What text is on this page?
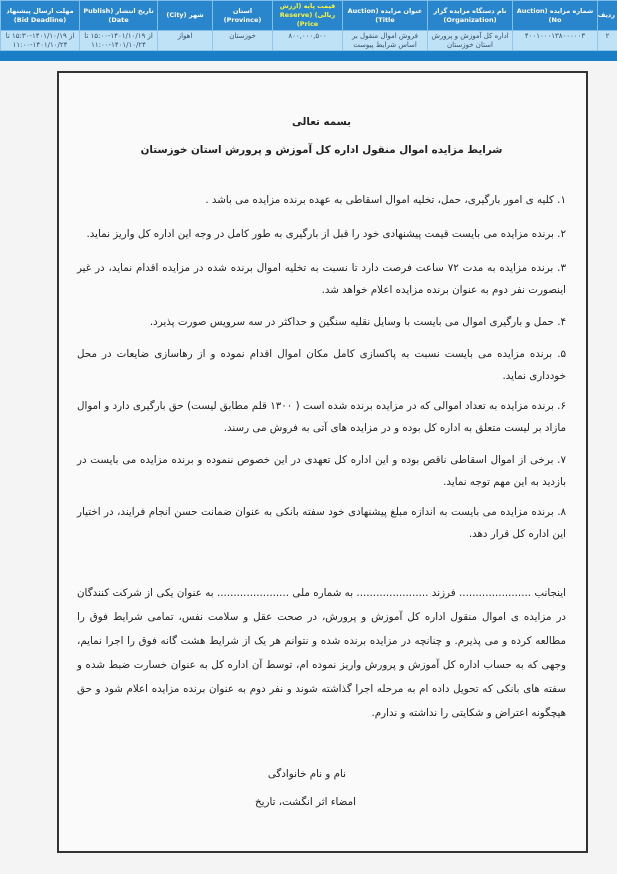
ردیف	شماره مزایده (Auction No)	نام دستگاه مزایده گزار (Organization)	عنوان مزایده (Auction Title)	قیمت پایه (ارزش ریالی) (Reserve Price)	استان (Province)	شهر (City)	تاریخ انتشار (Publish Date)	مهلت ارسال پیشنهاد (Bid Deadline)
۲	۴۰۰۱۰۰۰۱۳۸۰۰۰۰۰۳	اداره کل آموزش و پرورش استان خوزستان	فروش اموال منقول بر اساس شرایط پیوست	۸۰۰,۰۰۰,۵۰۰	خوزستان	اهواز	از ۱۴۰۱/۱۰/۱۹-۱۵:۰۰ تا ۱۴۰۱/۱۰/۲۴-۱۱:۰۰	از ۱۴۰۱/۱۰/۱۹-۱۵:۳۰ تا ۱۴۰۱/۱۰/۲۴-۱۱:۰۰

بسمه تعالی

شرایط مزایده اموال منقول اداره کل آموزش و پرورش استان خوزستان

۱. کلیه ی امور بارگیری، حمل، تخلیه اموال اسقاطی به عهده برنده مزایده می باشد .

۲. برنده مزایده می بایست قیمت پیشنهادی خود را قبل از بارگیری به طور کامل در وجه این اداره کل واریز نماید.

۳. برنده مزایده به مدت ۷۲ ساعت فرصت دارد تا نسبت به تخلیه اموال برنده شده در مزایده اقدام نماید، در غیر اینصورت نفر دوم به عنوان برنده مزایده اعلام خواهد شد.

۴. حمل و بارگیری اموال می بایست با وسایل نقلیه سنگین و حداکثر در سه سرویس صورت پذیرد.

۵. برنده مزایده می بایست نسبت به پاکسازی کامل مکان اموال اقدام نموده و از رهاسازی ضایعات در محل خودداری نماید.

۶. برنده مزایده به تعداد اموالی که در مزایده برنده شده است ( ۱۳۰۰ قلم مطابق لیست) حق بارگیری دارد و اموال مازاد بر لیست متعلق به اداره کل بوده و در مزایده های آتی به فروش می رسند.

۷. برخی از اموال اسقاطی ناقص بوده و این اداره کل تعهدی در این خصوص ننموده و برنده مزایده می بایست در بازدید به این مهم توجه نماید.

۸. برنده مزایده می بایست به اندازه مبلغ پیشنهادی خود سفته بانکی به عنوان ضمانت حسن انجام فرایند، در اختیار این اداره کل قرار دهد.

اینجانب ...................... فرزند ...................... به شماره ملی ...................... به عنوان یکی از شرکت کنندگان در مزایده ی اموال منقول اداره کل آموزش و پرورش، در صحت عقل و سلامت نفس، تمامی شرایط فوق را مطالعه کرده و می پذیرم. و چنانچه در مزایده برنده شده و نتوانم هر یک از شرایط هشت گانه فوق را اجرا نمایم، وجهی که به حساب اداره کل آموزش و پرورش واریز نموده ام، توسط آن اداره کل به عنوان خسارت ضبط شده و سفته های بانکی که تحویل داده ام به مرحله اجرا گذاشته شوند و نفر دوم به عنوان برنده مزایده اعلام شود و حق هیچگونه اعتراض و شکایتی را نداشته و ندارم.

نام و نام خانوادگی

امضاء اثر انگشت، تاریخ
